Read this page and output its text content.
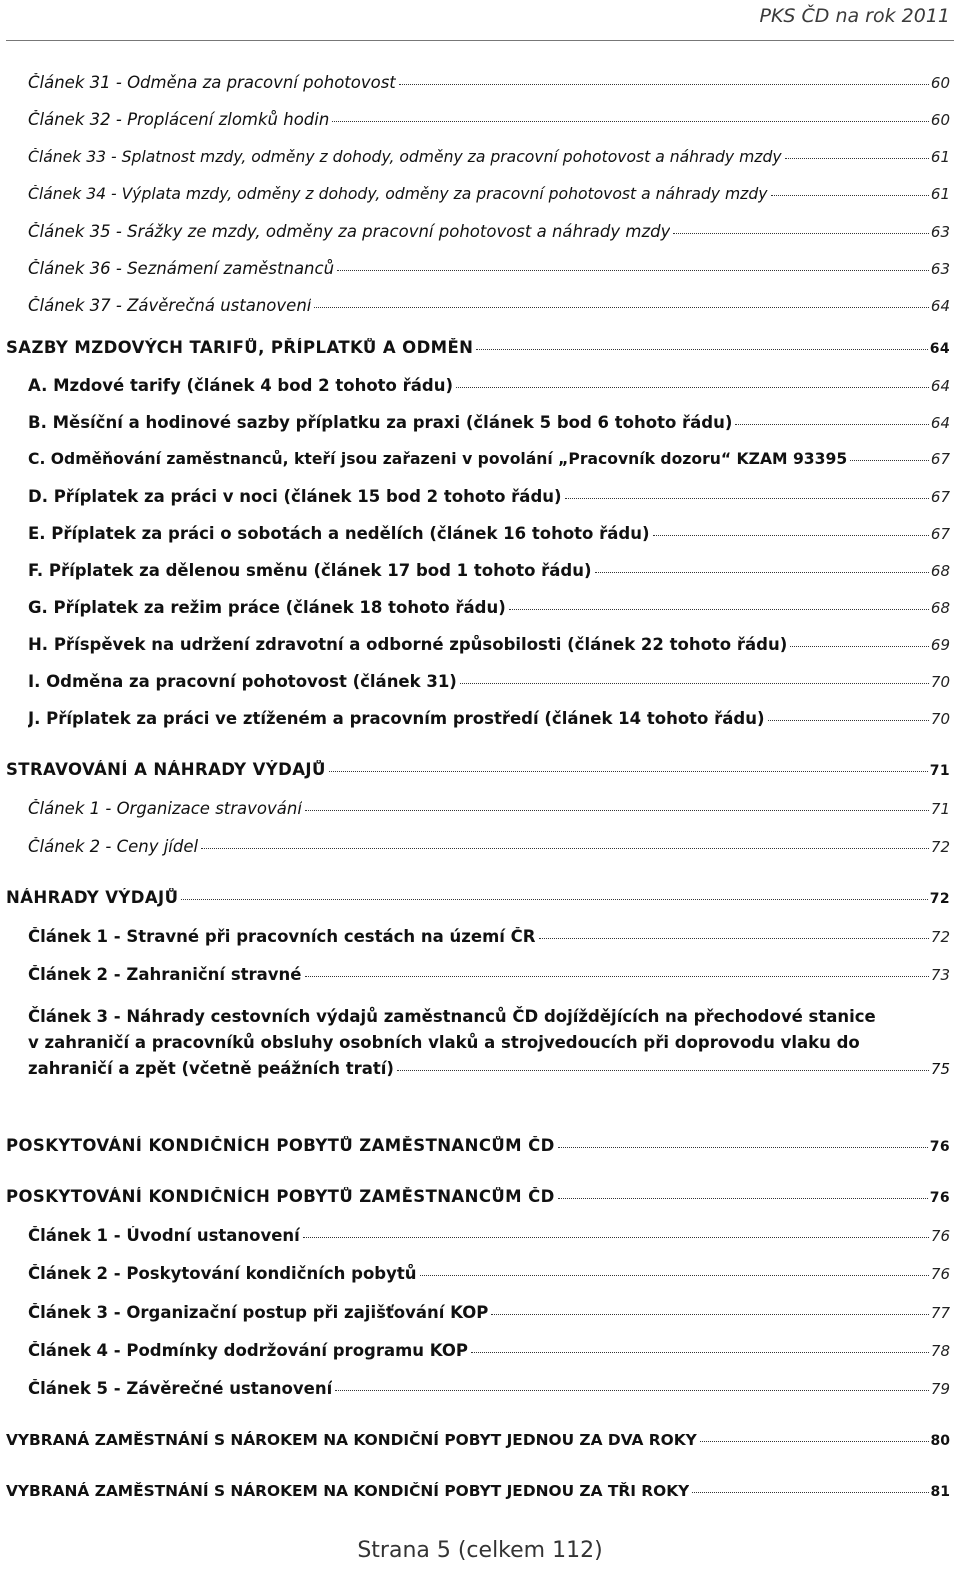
PKS ČD na rok 2011
Článek 31 - Odměna za pracovní pohotovost	60
Článek 32 - Proplácení zlomků hodin	60
Článek 33 - Splatnost mzdy, odměny z dohody, odměny za pracovní pohotovost a náhrady mzdy	61
Článek 34 - Výplata mzdy, odměny z dohody, odměny za pracovní pohotovost a náhrady mzdy	61
Článek 35 - Srážky ze mzdy, odměny za pracovní pohotovost a náhrady mzdy	63
Článek 36 - Seznámení zaměstnanců	63
Článek 37 - Závěrečná ustanovení	64
SAZBY MZDOVÝCH TARIFŮ, PŘÍPLATKŮ A ODMĚN	64
A. Mzdové tarify (článek 4 bod 2 tohoto řádu)	64
B. Měsíční a hodinové sazby příplatku za praxi (článek 5 bod 6 tohoto řádu)	64
C. Odměňování zaměstnanců, kteří jsou zařazeni v povolání „Pracovník dozoru“ KZAM 93395	67
D. Příplatek za práci v noci (článek 15 bod 2 tohoto řádu)	67
E. Příplatek za práci o sobotách a nedělích (článek 16 tohoto řádu)	67
F. Příplatek za dělenou směnu (článek 17 bod 1 tohoto řádu)	68
G. Příplatek za režim práce (článek 18 tohoto řádu)	68
H. Příspěvek na udržení zdravotní a odborné způsobilosti (článek 22 tohoto řádu)	69
I. Odměna za pracovní pohotovost (článek 31)	70
J. Příplatek za práci ve ztíženém a pracovním prostředí (článek 14 tohoto řádu)	70
STRAVOVÁNÍ A NÁHRADY VÝDAJŮ	71
Článek 1 - Organizace stravování	71
Článek 2 - Ceny jídel	72
NÁHRADY VÝDAJŮ	72
Článek 1 - Stravné při pracovních cestách na území ČR	72
Článek 2 - Zahraniční stravné	73
Článek 3 - Náhrady cestovních výdajů zaměstnanců ČD dojíždějících na přechodové stanice
v zahraničí a pracovníků obsluhy osobních vlaků a strojvedoucích při doprovodu vlaku do
zahraničí a zpět (včetně peážních tratí)	75
POSKYTOVÁNÍ KONDIČNÍCH POBYTŮ ZAMĚSTNANCŮM ČD	76
POSKYTOVÁNÍ KONDIČNÍCH POBYTŮ ZAMĚSTNANCŮM ČD	76
Článek 1 - Úvodní ustanovení	76
Článek 2 - Poskytování kondičních pobytů	76
Článek 3 - Organizační postup při zajišťování KOP	77
Článek 4 - Podmínky dodržování programu KOP	78
Článek 5 - Závěrečné ustanovení	79
VYBRANÁ ZAMĚSTNÁNÍ S NÁROKEM NA KONDIČNÍ POBYT JEDNOU ZA DVA ROKY	80
VYBRANÁ ZAMĚSTNÁNÍ S NÁROKEM NA KONDIČNÍ POBYT JEDNOU ZA TŘI ROKY	81
Strana 5 (celkem 112)
